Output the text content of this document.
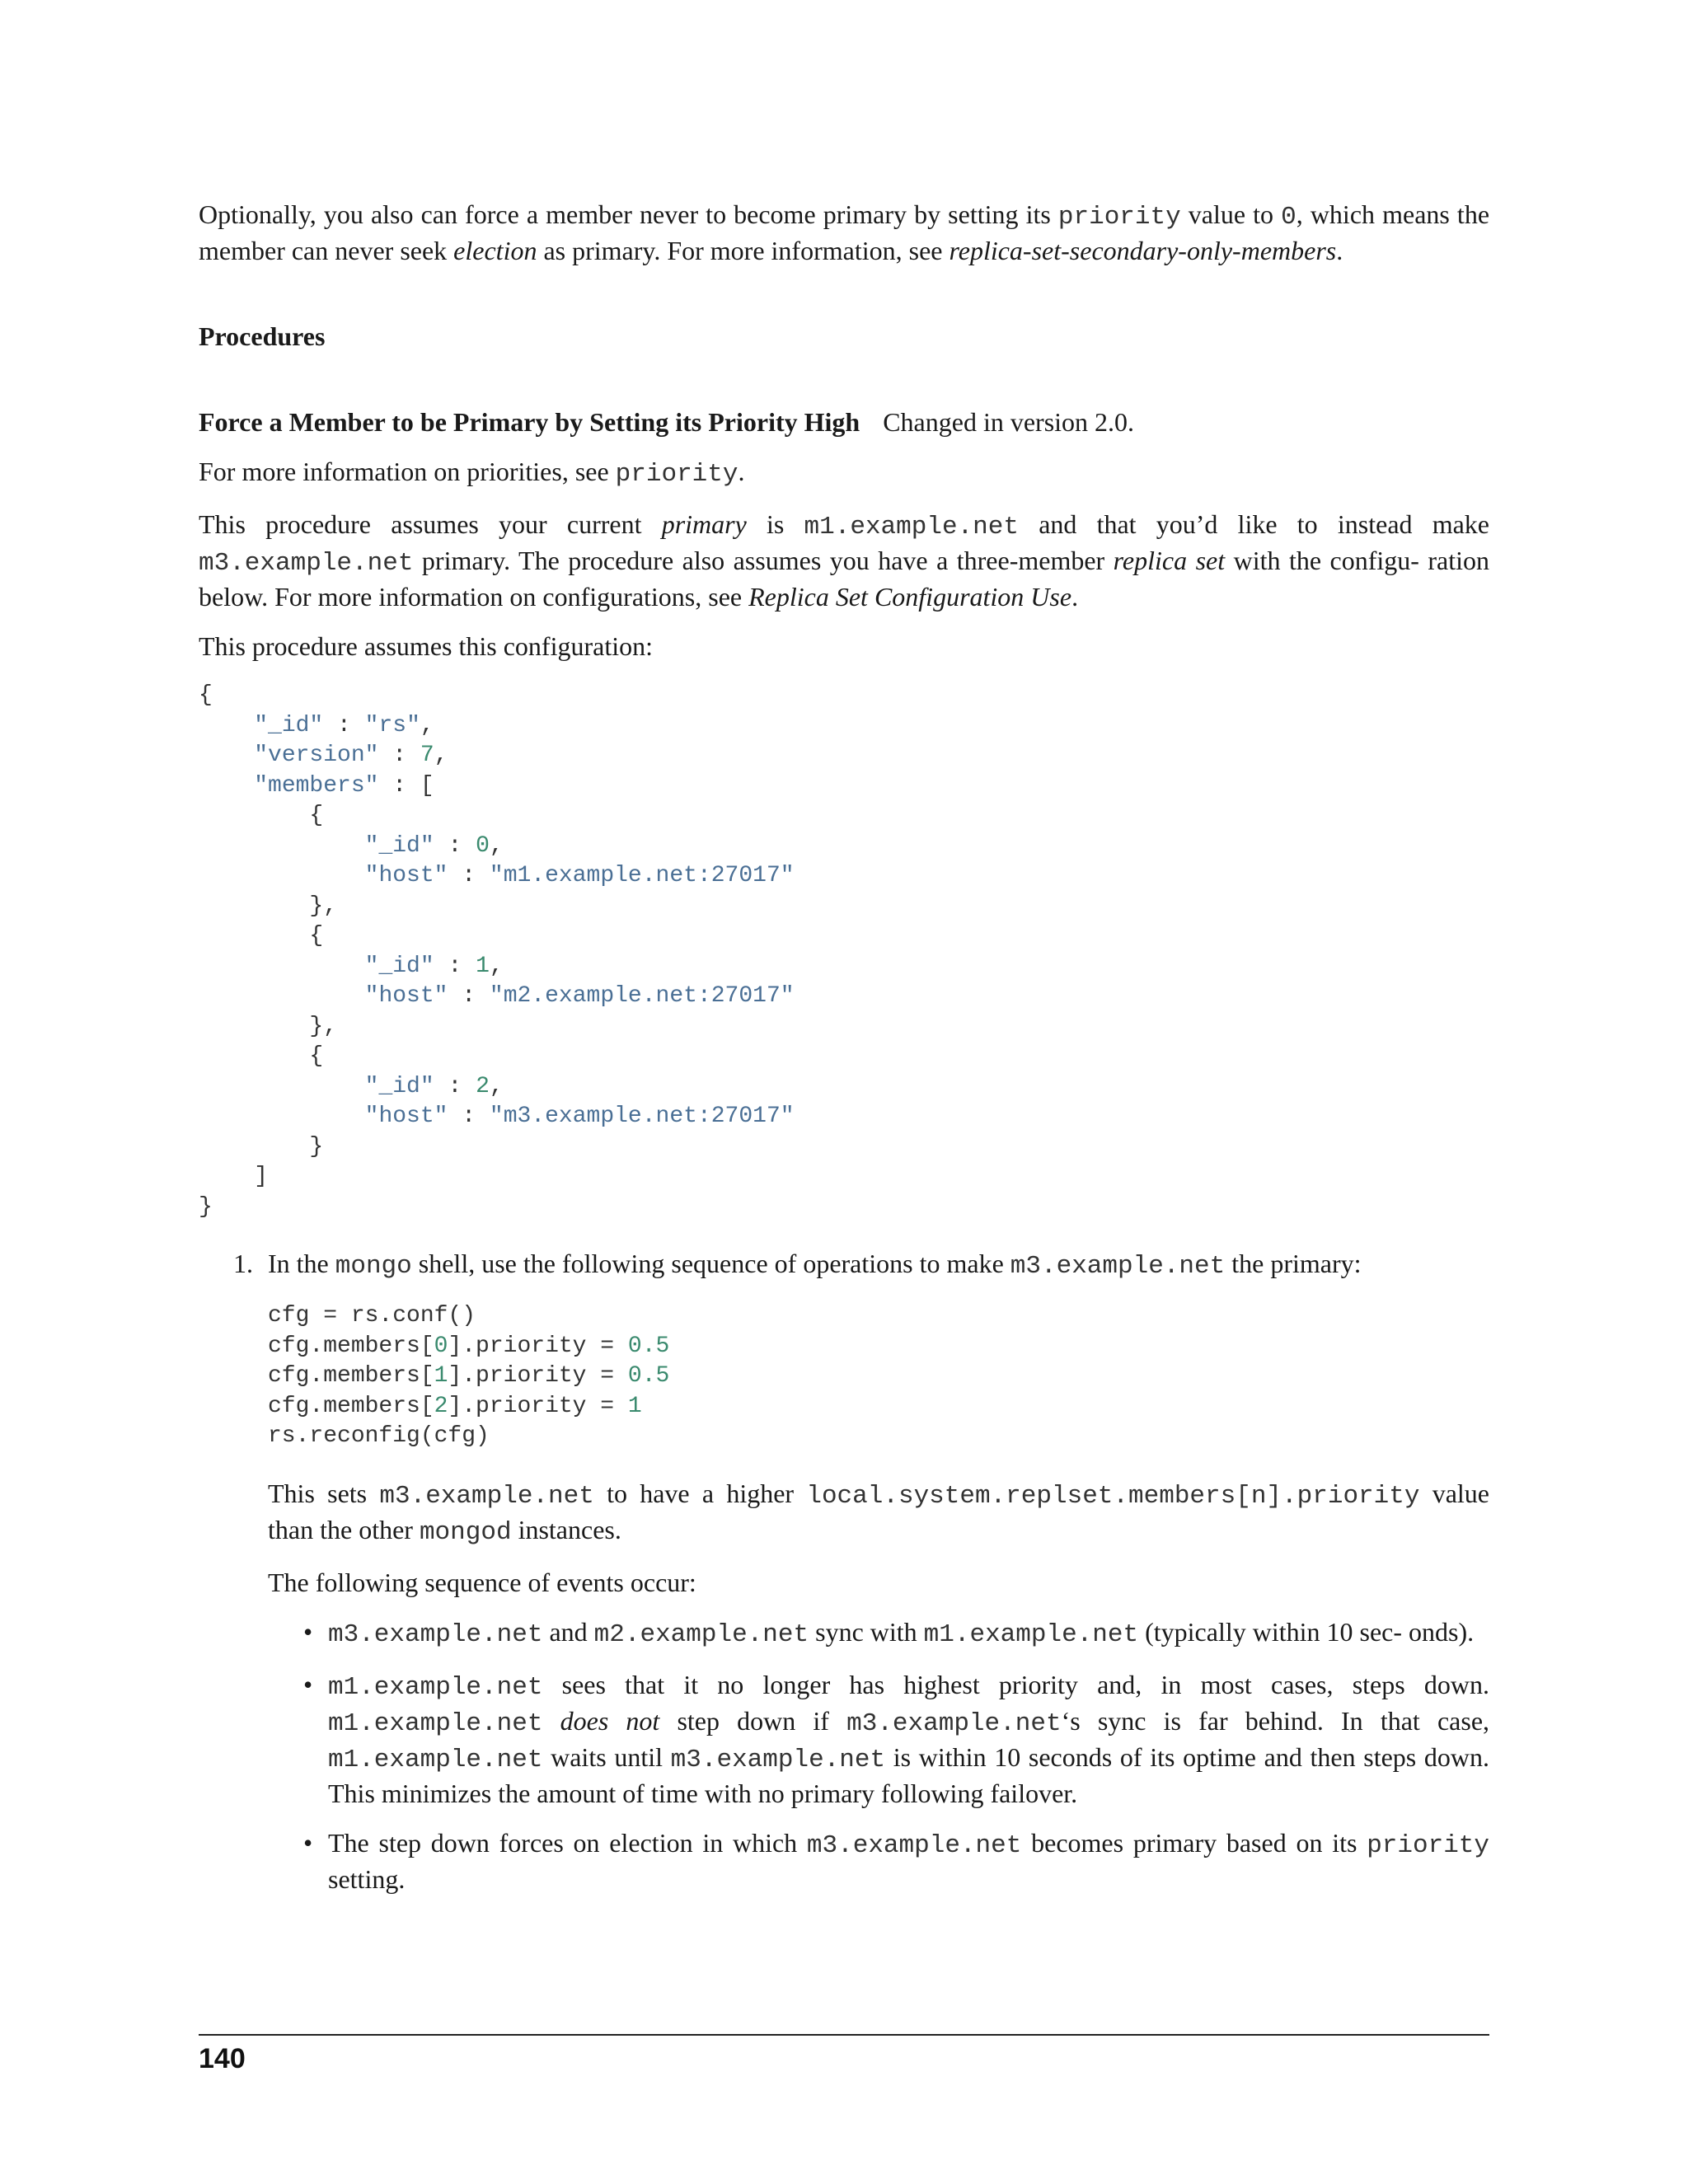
Optionally, you also can force a member never to become primary by setting its priority value to 0, which means the member can never seek election as primary. For more information, see replica-set-secondary-only-members.

Procedures

Force a Member to be Primary by Setting its Priority High Changed in version 2.0.

For more information on priorities, see priority.

This procedure assumes your current primary is m1.example.net and that you’d like to instead make m3.example.net primary. The procedure also assumes you have a three-member replica set with the configu- ration below. For more information on configurations, see Replica Set Configuration Use.

This procedure assumes this configuration:

{
"_id" : "rs",
"version" : 7,
"members" : [
{
"_id" : 0,
"host" : "m1.example.net:27017"
},
{
"_id" : 1,
"host" : "m2.example.net:27017"
},
{
"_id" : 2,
"host" : "m3.example.net:27017"
}
]
}
1. In the mongo shell, use the following sequence of operations to make m3.example.net the primary:

cfg = rs.conf()
cfg.members[0].priority = 0.5
cfg.members[1].priority = 0.5
cfg.members[2].priority = 1
rs.reconfig(cfg)

This sets m3.example.net to have a higher local.system.replset.members[n].priority value than the other mongod instances.

The following sequence of events occur:

• m3.example.net and m2.example.net sync with m1.example.net (typically within 10 sec- onds).

• m1.example.net sees that it no longer has highest priority and, in most cases, steps down. m1.example.net does not step down if m3.example.net‘s sync is far behind. In that case, m1.example.net waits until m3.example.net is within 10 seconds of its optime and then steps down. This minimizes the amount of time with no primary following failover.

• The step down forces on election in which m3.example.net becomes primary based on its priority setting.

140
